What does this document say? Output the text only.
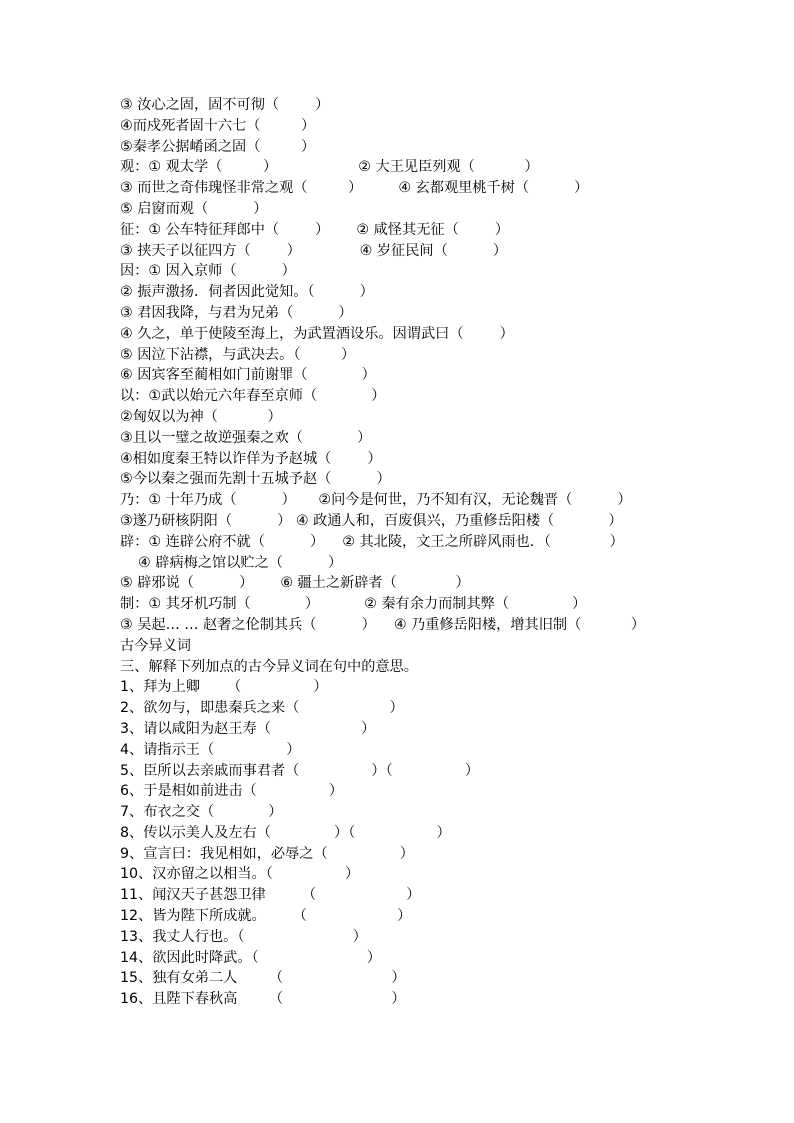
③ 汝心之固，固不可彻（        ）
④而戍死者固十六七（         ）
⑤秦孝公据崤函之固（         ）
观：① 观太学（         ）                  ② 大王见臣列观（           ）
③ 而世之奇伟瑰怪非常之观（         ）        ④ 玄都观里桃千树（          ）
⑤ 启窗而观（          ）
征：① 公车特征拜郎中（        ）      ② 咸怪其无征（        ）
③ 挟天子以征四方（        ）             ④ 岁征民间（          ）
因：① 因入京师（          ）
② 振声激扬．伺者因此觉知。（          ）
③ 君因我降，与君为兄弟（          ）
④ 久之，单于使陵至海上，为武置酒设乐。因谓武曰（        ）
⑤ 因泣下沾襟，与武决去。（         ）
⑥ 因宾客至蔺相如门前谢罪（            ）
以：①武以始元六年春至京师（            ）
②匈奴以为神（           ）
③且以一璧之故逆强秦之欢（            ）
④相如度秦王特以诈佯为予赵城（        ）
⑤今以秦之强而先割十五城予赵（          ）
乃：① 十年乃成（          ）     ②问今是何世，乃不知有汉，无论魏晋（          ）
③遂乃研核阴阳（          ） ④ 政通人和，百废俱兴，乃重修岳阳楼（            ）
辟：① 连辟公府不就（          ）    ② 其北陵，文王之所辟风雨也．（             ）
④ 辟病梅之馆以贮之（          ）
⑤ 辟邪说（          ）      ⑥ 疆土之新辟者（             ）
制：① 其牙机巧制（            ）          ② 秦有余力而制其弊（              ）
③ 吴起… … 赵奢之伦制其兵（          ）    ④ 乃重修岳阳楼，增其旧制（           ）
古今异义词
三、解释下列加点的古今异义词在句中的意思。
1、拜为上卿      （                ）
2、欲勿与，即患秦兵之来（                    ）
3、请以咸阳为赵王寿（                    ）
4、请指示王（                ）
5、臣所以去亲戚而事君者（                ）（                ）
6、于是相如前进击（                ）
7、布衣之交（            ）
8、传以示美人及左右（              ）（                  ）
9、宣言曰：我见相如，必辱之（                ）
10、汉亦留之以相当。（                ）
11、闻汉天子甚怨卫律        （                    ）
12、皆为陛下所成就。      （                    ）
13、我丈人行也。（                        ）
14、欲因此时降武。（                        ）
15、独有女弟二人       （                        ）
16、且陛下春秋高       （                        ）
